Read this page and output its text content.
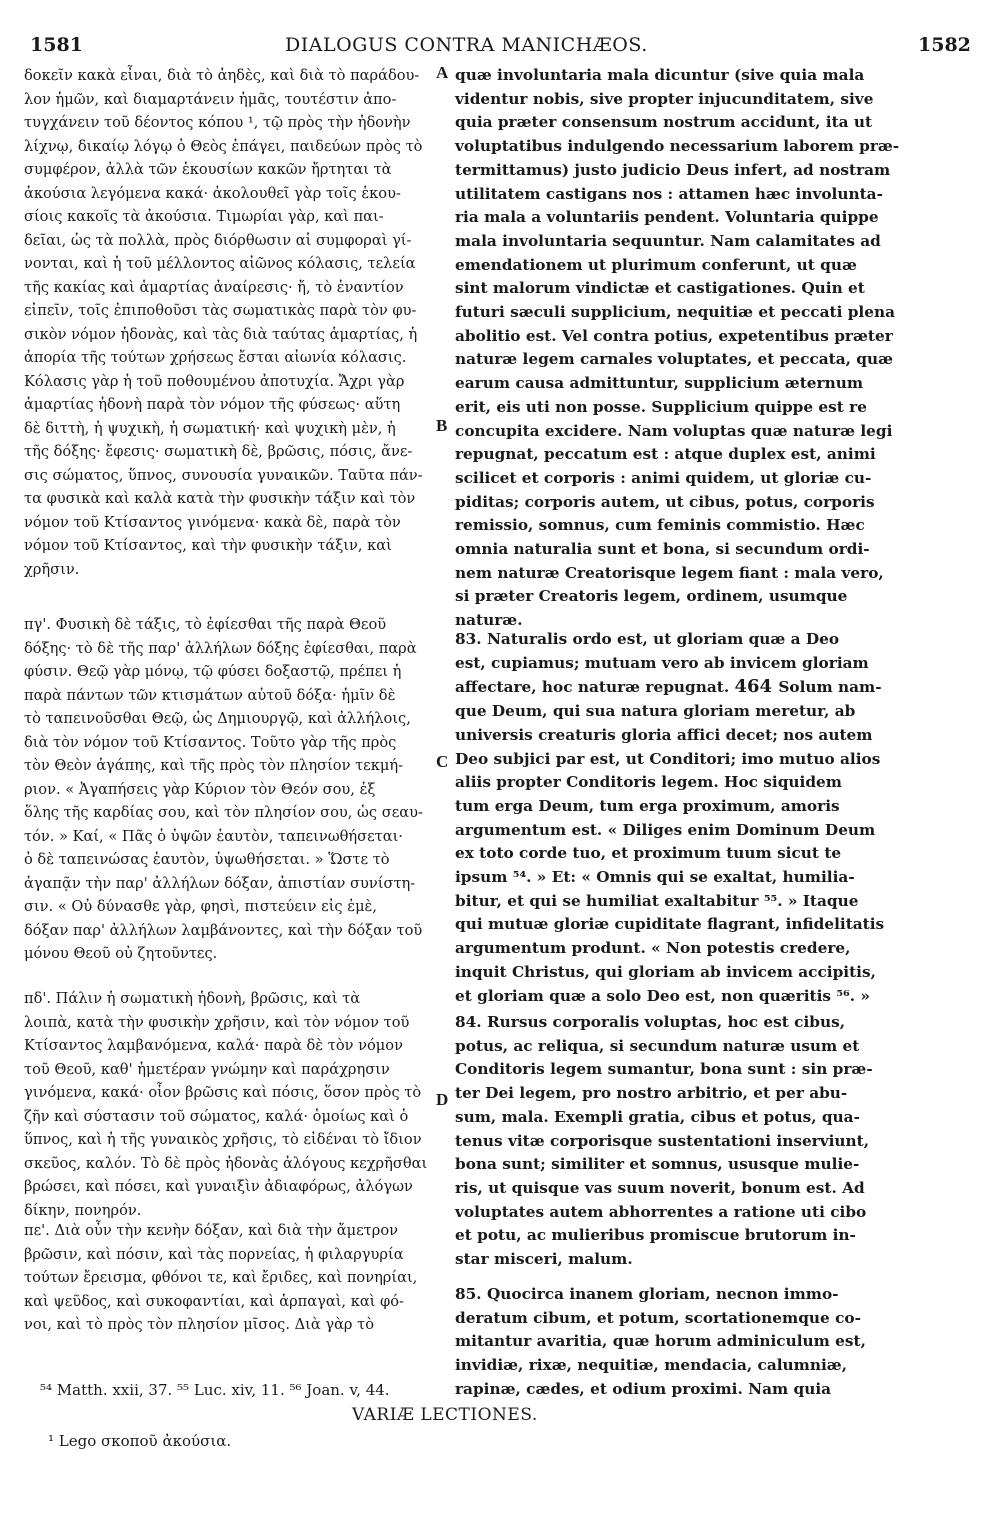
1581	DIALOGUS CONTRA MANICHÆOS.	1582
A
B
C
D
δοκεῖν κακὰ εἶναι, διὰ τὸ ἀηδὲς, καὶ διὰ τὸ παράδου-
λον ἡμῶν, καὶ διαμαρτάνειν ἡμᾶς, τουτέστιν ἀπο-
τυγχάνειν τοῦ δέοντος κόπου ¹, τῷ πρὸς τὴν ἡδονὴν
λίχνῳ, δικαίῳ λόγῳ ὁ Θεὸς ἐπάγει, παιδεύων πρὸς τὸ
συμφέρον, ἀλλὰ τῶν ἑκουσίων κακῶν ἤρτηται τὰ
ἀκούσια λεγόμενα κακά· ἀκολουθεῖ γὰρ τοῖς ἑκου-
σίοις κακοῖς τὰ ἀκούσια. Τιμωρίαι γὰρ, καὶ παι-
δεῖαι, ὡς τὰ πολλὰ, πρὸς διόρθωσιν αἱ συμφοραὶ γί-
νονται, καὶ ἡ τοῦ μέλλοντος αἰῶνος κόλασις, τελεία
τῆς κακίας καὶ ἁμαρτίας ἀναίρεσις· ἤ, τὸ ἐναντίον
εἰπεῖν, τοῖς ἐπιποθοῦσι τὰς σωματικὰς παρὰ τὸν φυ-
σικὸν νόμον ἡδονὰς, καὶ τὰς διὰ ταύτας ἁμαρτίας, ἡ
ἀπορία τῆς τούτων χρήσεως ἔσται αἰωνία κόλασις.
Κόλασις γὰρ ἡ τοῦ ποθουμένου ἀποτυχία. Ἄχρι γὰρ
ἁμαρτίας ἡδονὴ παρὰ τὸν νόμον τῆς φύσεως· αὕτη
δὲ διττὴ, ἡ ψυχικὴ, ἡ σωματική· καὶ ψυχικὴ μὲν, ἡ
τῆς δόξης· ἔφεσις· σωματικὴ δὲ, βρῶσις, πόσις, ἄνε-
σις σώματος, ὕπνος, συνουσία γυναικῶν. Ταῦτα πάν-
τα φυσικὰ καὶ καλὰ κατὰ τὴν φυσικὴν τάξιν καὶ τὸν
νόμον τοῦ Κτίσαντος γινόμενα· κακὰ δὲ, παρὰ τὸν
νόμον τοῦ Κτίσαντος, καὶ τὴν φυσικὴν τάξιν, καὶ
χρῆσιν.
πγ'. Φυσικὴ δὲ τάξις, τὸ ἐφίεσθαι τῆς παρὰ Θεοῦ
δόξης· τὸ δὲ τῆς παρ' ἀλλήλων δόξης ἐφίεσθαι, παρὰ
φύσιν. Θεῷ γὰρ μόνῳ, τῷ φύσει δοξαστῷ, πρέπει ἡ
παρὰ πάντων τῶν κτισμάτων αὐτοῦ δόξα· ἡμῖν δὲ
τὸ ταπεινοῦσθαι Θεῷ, ὡς Δημιουργῷ, καὶ ἀλλήλοις,
διὰ τὸν νόμον τοῦ Κτίσαντος. Τοῦτο γὰρ τῆς πρὸς
τὸν Θεὸν ἀγάπης, καὶ τῆς πρὸς τὸν πλησίον τεκμή-
ριον. « Ἀγαπήσεις γὰρ Κύριον τὸν Θεόν σου, ἐξ
ὅλης τῆς καρδίας σου, καὶ τὸν πλησίον σου, ὡς σεαυ-
τόν. » Καί, « Πᾶς ὁ ὑψῶν ἑαυτὸν, ταπεινωθήσεται·
ὁ δὲ ταπεινώσας ἑαυτὸν, ὑψωθήσεται. » Ὥστε τὸ
ἀγαπᾷν τὴν παρ' ἀλλήλων δόξαν, ἀπιστίαν συνίστη-
σιν. « Οὐ δύνασθε γὰρ, φησὶ, πιστεύειν εἰς ἐμὲ,
δόξαν παρ' ἀλλήλων λαμβάνοντες, καὶ τὴν δόξαν τοῦ
μόνου Θεοῦ οὐ ζητοῦντες.
πδ'. Πάλιν ἡ σωματικὴ ἡδονὴ, βρῶσις, καὶ τὰ
λοιπὰ, κατὰ τὴν φυσικὴν χρῆσιν, καὶ τὸν νόμον τοῦ
Κτίσαντος λαμβανόμενα, καλά· παρὰ δὲ τὸν νόμον
τοῦ Θεοῦ, καθ' ἡμετέραν γνώμην καὶ παράχρησιν
γινόμενα, κακά· οἷον βρῶσις καὶ πόσις, ὅσον πρὸς τὸ
ζῆν καὶ σύστασιν τοῦ σώματος, καλά· ὁμοίως καὶ ὁ
ὕπνος, καὶ ἡ τῆς γυναικὸς χρῆσις, τὸ εἰδέναι τὸ ἴδιον
σκεῦος, καλόν. Τὸ δὲ πρὸς ἡδονὰς ἀλόγους κεχρῆσθαι
βρώσει, καὶ πόσει, καὶ γυναιξὶν ἀδιαφόρως, ἀλόγων
δίκην, πονηρόν.
πε'. Διὰ οὖν τὴν κενὴν δόξαν, καὶ διὰ τὴν ἄμετρον
βρῶσιν, καὶ πόσιν, καὶ τὰς πορνείας, ἡ φιλαργυρία
τούτων ἔρεισμα, φθόνοι τε, καὶ ἔριδες, καὶ πονηρίαι,
καὶ ψεῦδος, καὶ συκοφαντίαι, καὶ ἁρπαγαὶ, καὶ φό-
νοι, καὶ τὸ πρὸς τὸν πλησίον μῖσος. Διὰ γὰρ τὸ
quæ involuntaria mala dicuntur (sive quia mala
videntur nobis, sive propter injucunditatem, sive
quia præter consensum nostrum accidunt, ita ut
voluptatibus indulgendo necessarium laborem præ-
termittamus) justo judicio Deus infert, ad nostram
utilitatem castigans nos : attamen hæc involunta-
ria mala a voluntariis pendent. Voluntaria quippe
mala involuntaria sequuntur. Nam calamitates ad
emendationem ut plurimum conferunt, ut quæ
sint malorum vindictæ et castigationes. Quin et
futuri sæculi supplicium, nequitiæ et peccati plena
abolitio est. Vel contra potius, expetentibus præter
naturæ legem carnales voluptates, et peccata, quæ
earum causa admittuntur, supplicium æternum
erit, eis uti non posse. Supplicium quippe est re
concupita excidere. Nam voluptas quæ naturæ legi
repugnat, peccatum est : atque duplex est, animi
scilicet et corporis : animi quidem, ut gloriæ cu-
piditas; corporis autem, ut cibus, potus, corporis
remissio, somnus, cum feminis commistio. Hæc
omnia naturalia sunt et bona, si secundum ordi-
nem naturæ Creatorisque legem fiant : mala vero,
si præter Creatoris legem, ordinem, usumque
naturæ.
83. Naturalis ordo est, ut gloriam quæ a Deo
est, cupiamus; mutuam vero ab invicem gloriam
affectare, hoc naturæ repugnat. 464 Solum nam-
que Deum, qui sua natura gloriam meretur, ab
universis creaturis gloria affici decet; nos autem
Deo subjici par est, ut Conditori; imo mutuo alios
aliis propter Conditoris legem. Hoc siquidem
tum erga Deum, tum erga proximum, amoris
argumentum est. « Diliges enim Dominum Deum
ex toto corde tuo, et proximum tuum sicut te
ipsum ⁵⁴. » Et: « Omnis qui se exaltat, humilia-
bitur, et qui se humiliat exaltabitur ⁵⁵. » Itaque
qui mutuæ gloriæ cupiditate flagrant, infidelitatis
argumentum produnt. « Non potestis credere,
inquit Christus, qui gloriam ab invicem accipitis,
et gloriam quæ a solo Deo est, non quæritis ⁵⁶. »
84. Rursus corporalis voluptas, hoc est cibus,
potus, ac reliqua, si secundum naturæ usum et
Conditoris legem sumantur, bona sunt : sin præ-
ter Dei legem, pro nostro arbitrio, et per abu-
sum, mala. Exempli gratia, cibus et potus, qua-
tenus vitæ corporisque sustentationi inserviunt,
bona sunt; similiter et somnus, ususque mulie-
ris, ut quisque vas suum noverit, bonum est. Ad
voluptates autem abhorrentes a ratione uti cibo
et potu, ac mulieribus promiscue brutorum in-
star misceri, malum.
85. Quocirca inanem gloriam, necnon immo-
deratum cibum, et potum, scortationemque co-
mitantur avaritia, quæ horum adminiculum est,
invidiæ, rixæ, nequitiæ, mendacia, calumniæ,
rapinæ, cædes, et odium proximi. Nam quia
⁵⁴ Matth. xxii, 37. ⁵⁵ Luc. xiv, 11. ⁵⁶ Joan. v, 44.
VARIÆ LECTIONES.
¹ Lego σκοποῦ ἀκούσια.
